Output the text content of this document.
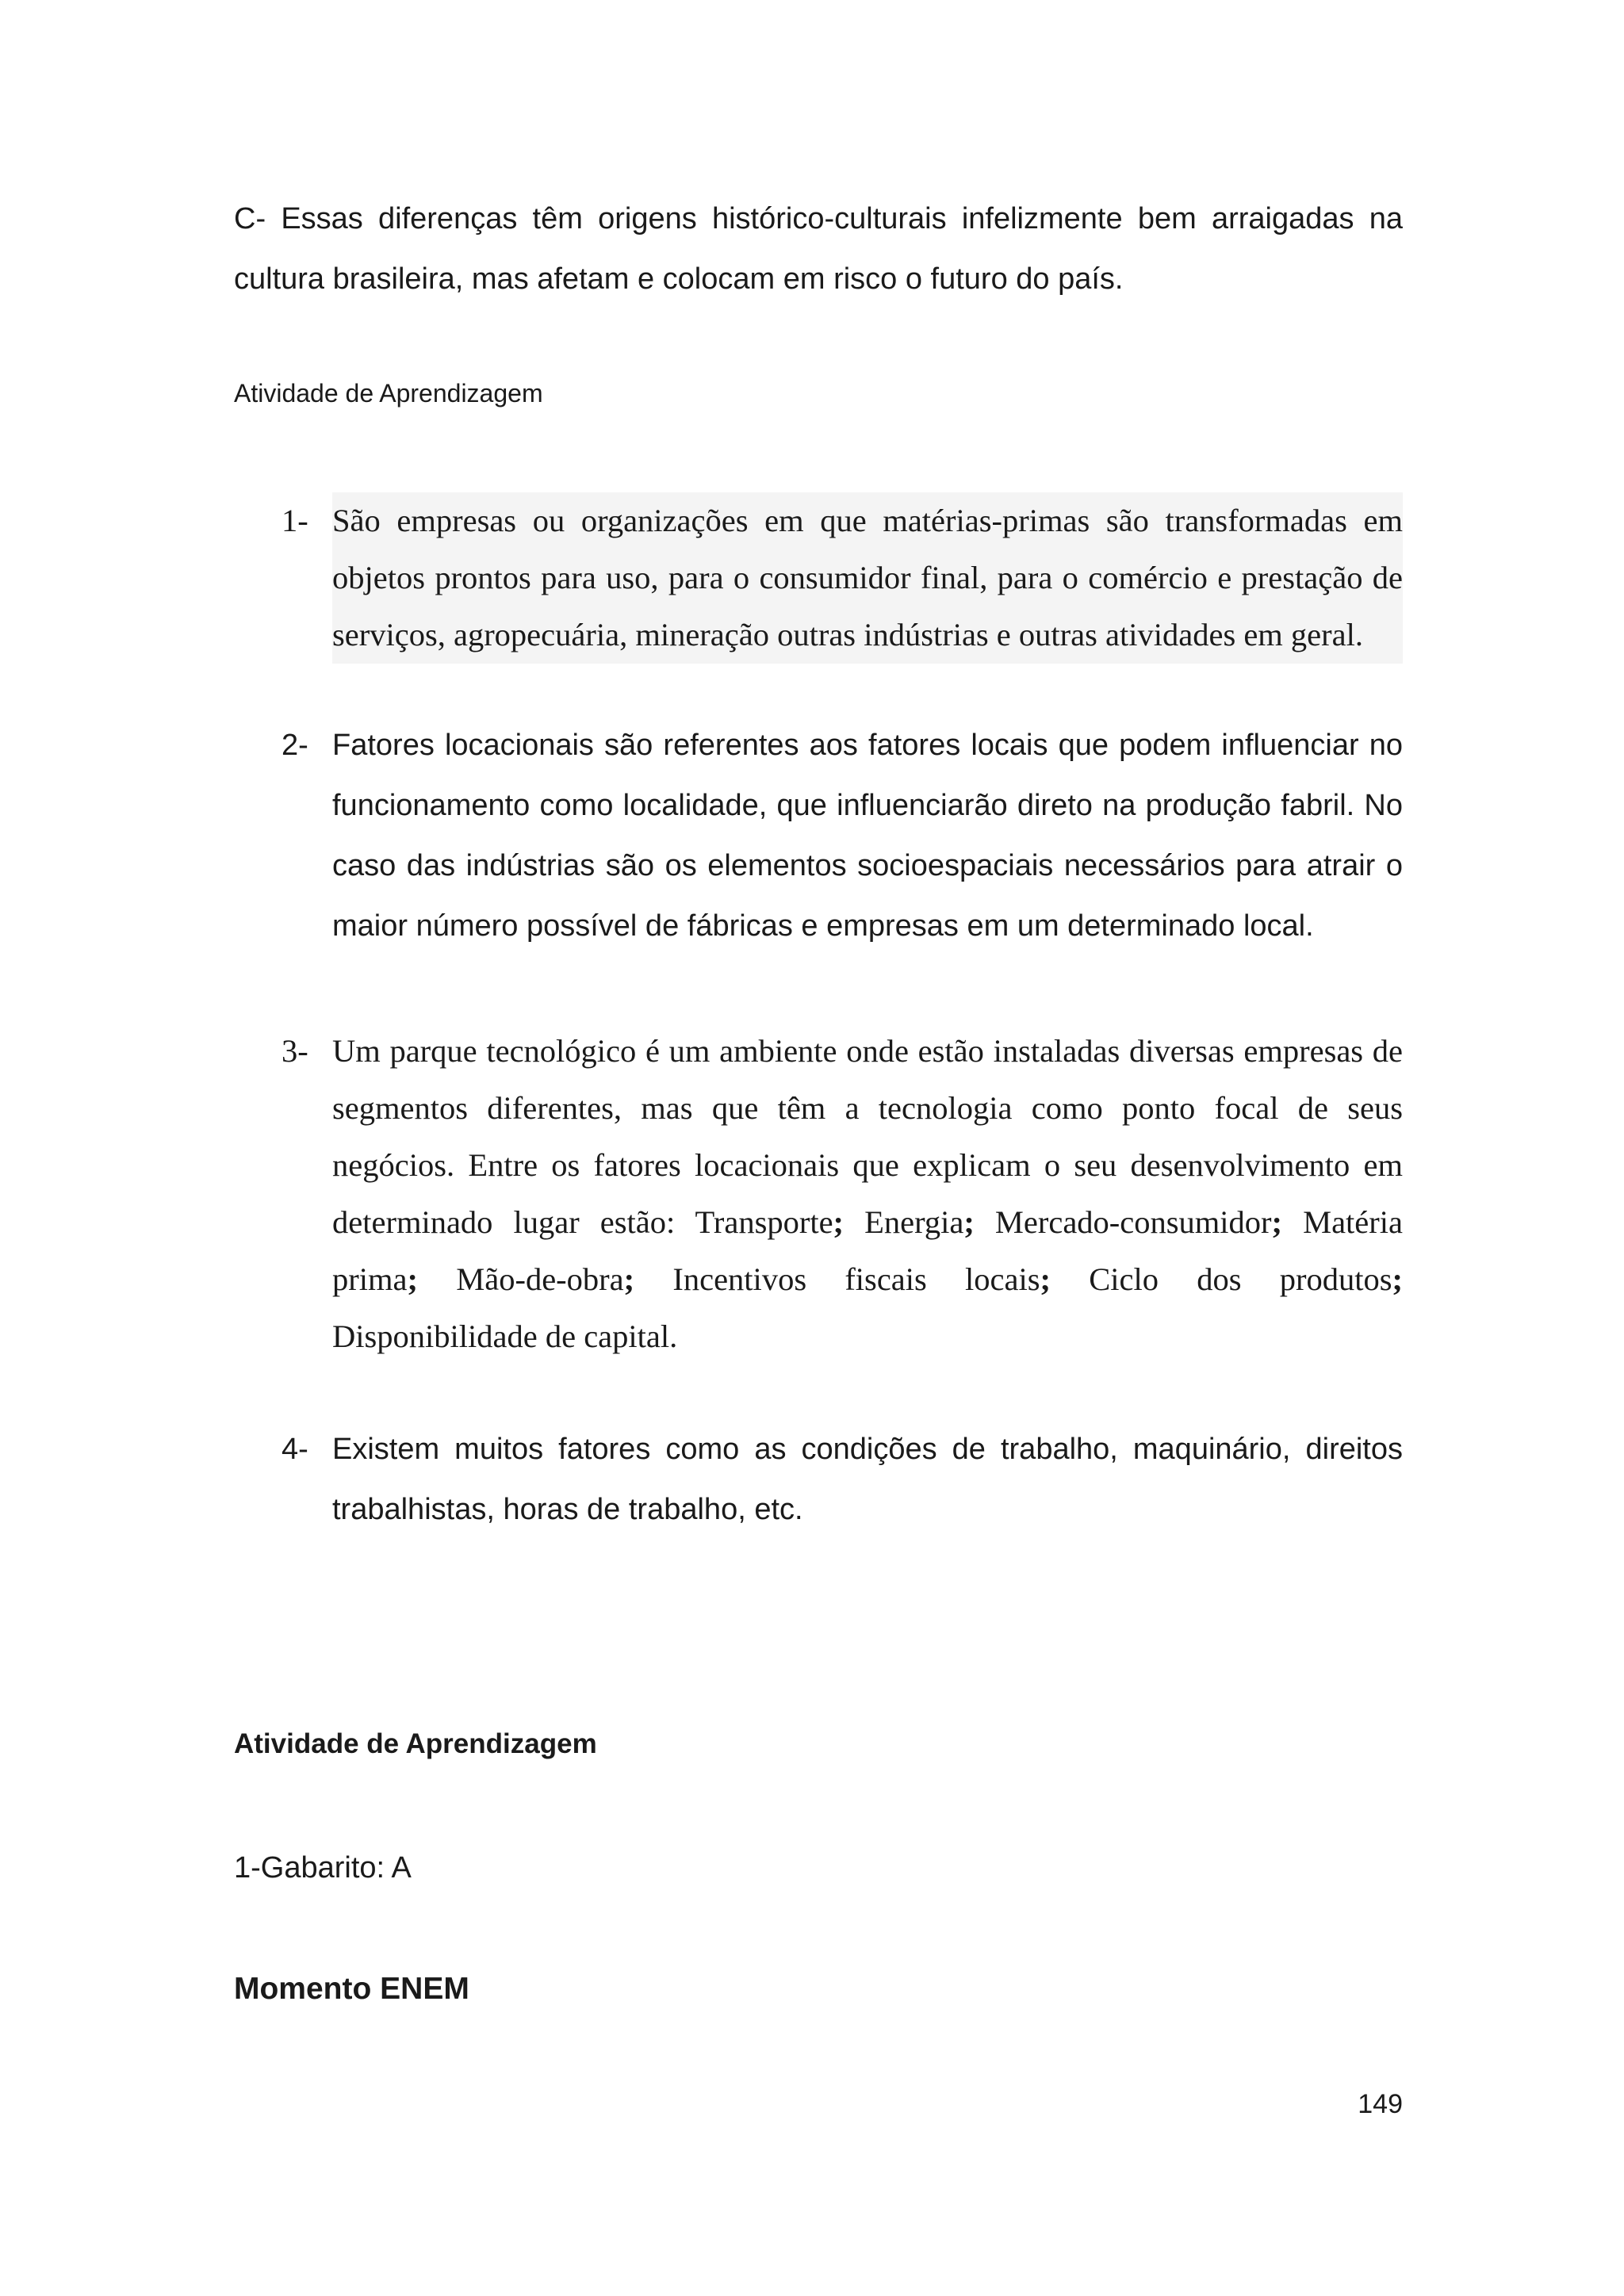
C- Essas diferenças têm origens histórico-culturais infelizmente bem arraigadas na cultura brasileira, mas afetam e colocam em risco o futuro do país.

Atividade de Aprendizagem
1- São empresas ou organizações em que matérias-primas são transformadas em objetos prontos para uso, para o consumidor final, para o comércio e prestação de serviços, agropecuária, mineração outras indústrias e outras atividades em geral.

2- Fatores locacionais são referentes aos fatores locais que podem influenciar no funcionamento como localidade, que influenciarão direto na produção fabril. No caso das indústrias são os elementos socioespaciais necessários para atrair o maior número possível de fábricas e empresas em um determinado local.

3- Um parque tecnológico é um ambiente onde estão instaladas diversas empresas de segmentos diferentes, mas que têm a tecnologia como ponto focal de seus negócios. Entre os fatores locacionais que explicam o seu desenvolvimento em determinado lugar estão: Transporte; Energia; Mercado-consumidor; Matéria prima; Mão-de-obra; Incentivos fiscais locais; Ciclo dos produtos; Disponibilidade de capital.

4- Existem muitos fatores como as condições de trabalho, maquinário, direitos trabalhistas, horas de trabalho, etc.

Atividade de Aprendizagem
1-Gabarito: A
Momento ENEM
149
